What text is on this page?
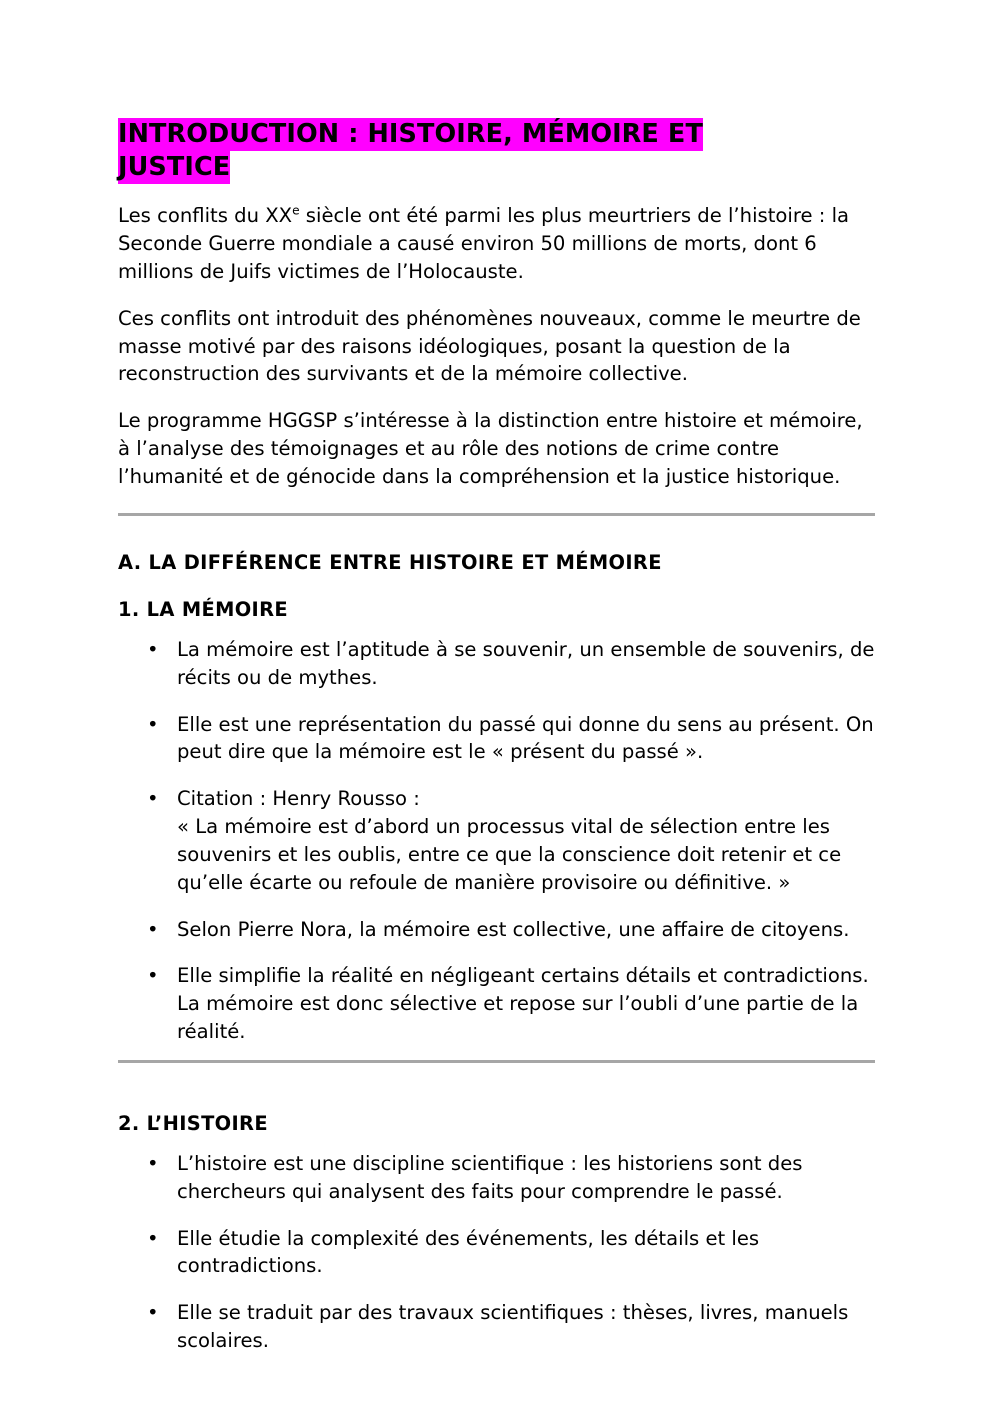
INTRODUCTION : HISTOIRE, MÉMOIRE ET
JUSTICE

Les conflits du XXe siècle ont été parmi les plus meurtriers de l’histoire : la Seconde Guerre mondiale a causé environ 50 millions de morts, dont 6 millions de Juifs victimes de l’Holocauste.

Ces conflits ont introduit des phénomènes nouveaux, comme le meurtre de masse motivé par des raisons idéologiques, posant la question de la reconstruction des survivants et de la mémoire collective.

Le programme HGGSP s’intéresse à la distinction entre histoire et mémoire, à l’analyse des témoignages et au rôle des notions de crime contre l’humanité et de génocide dans la compréhension et la justice historique.

A. LA DIFFÉRENCE ENTRE HISTOIRE ET MÉMOIRE
1. LA MÉMOIRE
• La mémoire est l’aptitude à se souvenir, un ensemble de souvenirs, de récits ou de mythes.
• Elle est une représentation du passé qui donne du sens au présent. On peut dire que la mémoire est le « présent du passé ».
• Citation : Henry Rousso :
« La mémoire est d’abord un processus vital de sélection entre les souvenirs et les oublis, entre ce que la conscience doit retenir et ce qu’elle écarte ou refoule de manière provisoire ou définitive. »
• Selon Pierre Nora, la mémoire est collective, une affaire de citoyens.
• Elle simplifie la réalité en négligeant certains détails et contradictions. La mémoire est donc sélective et repose sur l’oubli d’une partie de la réalité.
2. L’HISTOIRE
• L’histoire est une discipline scientifique : les historiens sont des chercheurs qui analysent des faits pour comprendre le passé.
• Elle étudie la complexité des événements, les détails et les contradictions.
• Elle se traduit par des travaux scientifiques : thèses, livres, manuels scolaires.
